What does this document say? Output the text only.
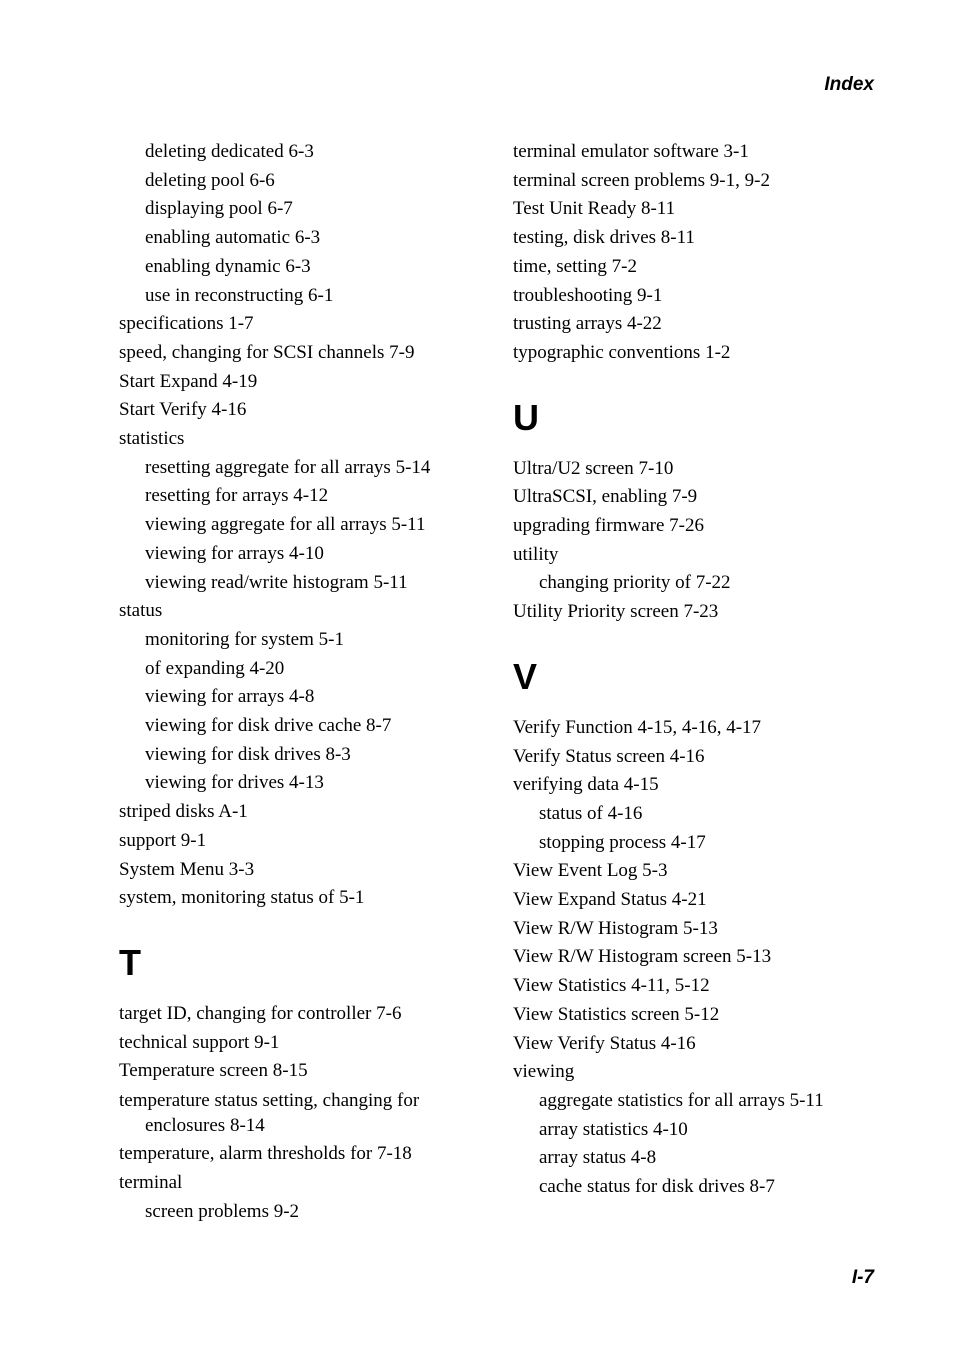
Index
deleting dedicated 6-3
deleting pool 6-6
displaying pool 6-7
enabling automatic 6-3
enabling dynamic 6-3
use in reconstructing 6-1
specifications 1-7
speed, changing for SCSI channels 7-9
Start Expand 4-19
Start Verify 4-16
statistics
resetting aggregate for all arrays 5-14
resetting for arrays 4-12
viewing aggregate for all arrays 5-11
viewing for arrays 4-10
viewing read/write histogram 5-11
status
monitoring for system 5-1
of expanding 4-20
viewing for arrays 4-8
viewing for disk drive cache 8-7
viewing for disk drives 8-3
viewing for drives 4-13
striped disks A-1
support 9-1
System Menu 3-3
system, monitoring status of 5-1
T
target ID, changing for controller 7-6
technical support 9-1
Temperature screen 8-15
temperature status setting, changing for enclosures 8-14
temperature, alarm thresholds for 7-18
terminal
screen problems 9-2
terminal emulator software 3-1
terminal screen problems 9-1, 9-2
Test Unit Ready 8-11
testing, disk drives 8-11
time, setting 7-2
troubleshooting 9-1
trusting arrays 4-22
typographic conventions 1-2
U
Ultra/U2 screen 7-10
UltraSCSI, enabling 7-9
upgrading firmware 7-26
utility
changing priority of 7-22
Utility Priority screen 7-23
V
Verify Function 4-15, 4-16, 4-17
Verify Status screen 4-16
verifying data 4-15
status of 4-16
stopping process 4-17
View Event Log 5-3
View Expand Status 4-21
View R/W Histogram 5-13
View R/W Histogram screen 5-13
View Statistics 4-11, 5-12
View Statistics screen 5-12
View Verify Status 4-16
viewing
aggregate statistics for all arrays 5-11
array statistics 4-10
array status 4-8
cache status for disk drives 8-7
I-7
